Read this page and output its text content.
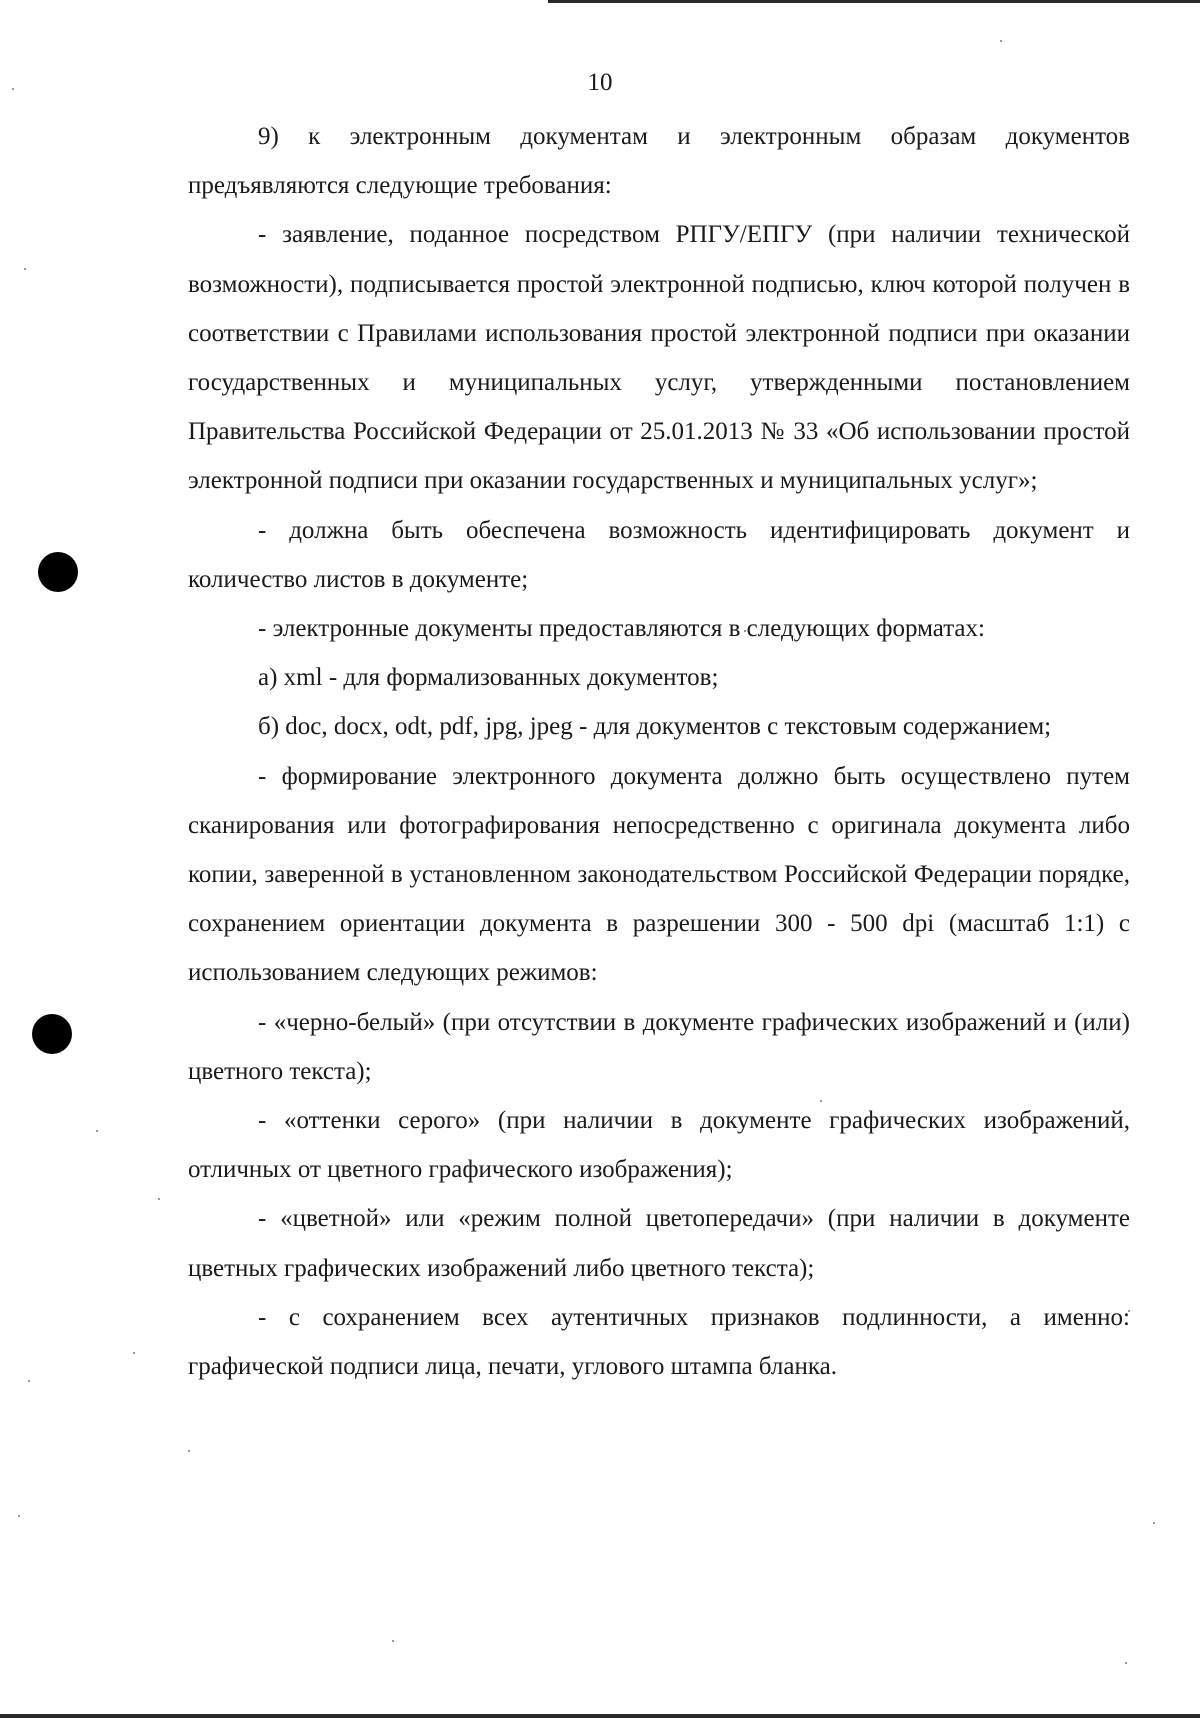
10

9) к электронным документам и электронным образам документов предъявляются следующие требования:

- заявление, поданное посредством РПГУ/ЕПГУ (при наличии технической возможности), подписывается простой электронной подписью, ключ которой получен в соответствии с Правилами использования простой электронной подписи при оказании государственных и муниципальных услуг, утвержденными постановлением Правительства Российской Федерации от 25.01.2013 № 33 «Об использовании простой электронной подписи при оказании государственных и муниципальных услуг»;

- должна быть обеспечена возможность идентифицировать документ и количество листов в документе;

- электронные документы предоставляются в следующих форматах:

а) xml - для формализованных документов;

б) doc, docx, odt, pdf, jpg, jpeg - для документов с текстовым содержанием;

- формирование электронного документа должно быть осуществлено путем сканирования или фотографирования непосредственно с оригинала документа либо копии, заверенной в установленном законодательством Российской Федерации порядке, сохранением ориентации документа в разрешении 300 - 500 dpi (масштаб 1:1) с использованием следующих режимов:

- «черно-белый» (при отсутствии в документе графических изображений и (или) цветного текста);

- «оттенки серого» (при наличии в документе графических изображений, отличных от цветного графического изображения);

- «цветной» или «режим полной цветопередачи» (при наличии в документе цветных графических изображений либо цветного текста);

- с сохранением всех аутентичных признаков подлинности, а именно: графической подписи лица, печати, углового штампа бланка.
